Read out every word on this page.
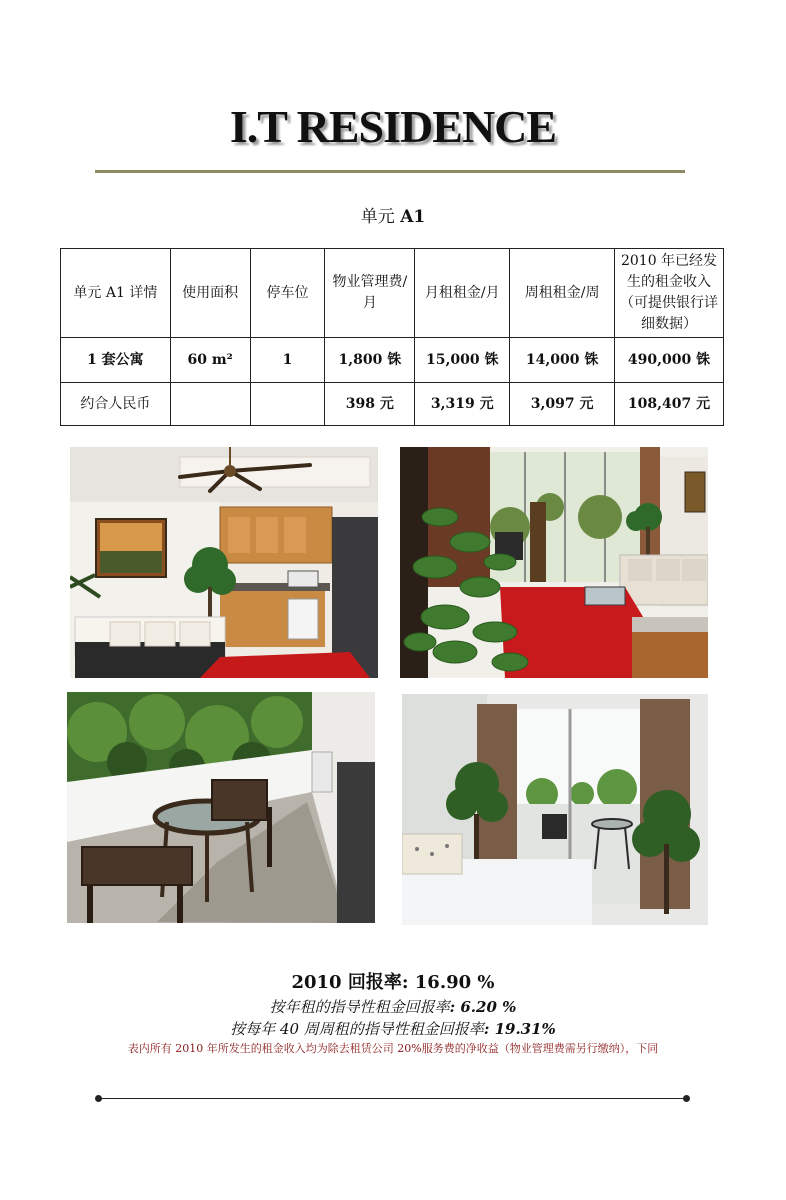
I.T RESIDENCE
单元 A1
单元 A1 详情	使用面积	停车位	物业管理费/月	月租租金/月	周租租金/周	2010 年已经发生的租金收入（可提供银行详细数据）
1 套公寓	60 m²	1	1,800 铢	15,000 铢	14,000 铢	490,000 铢
约合人民币			398 元	3,319 元	3,097 元	108,407 元
2010 回报率: 16.90 %
按年租的指导性租金回报率: 6.20 %
按每年 40 周周租的指导性租金回报率: 19.31%
表内所有 2010 年所发生的租金收入均为除去租赁公司 20%服务费的净收益（物业管理费需另行缴纳），下同
